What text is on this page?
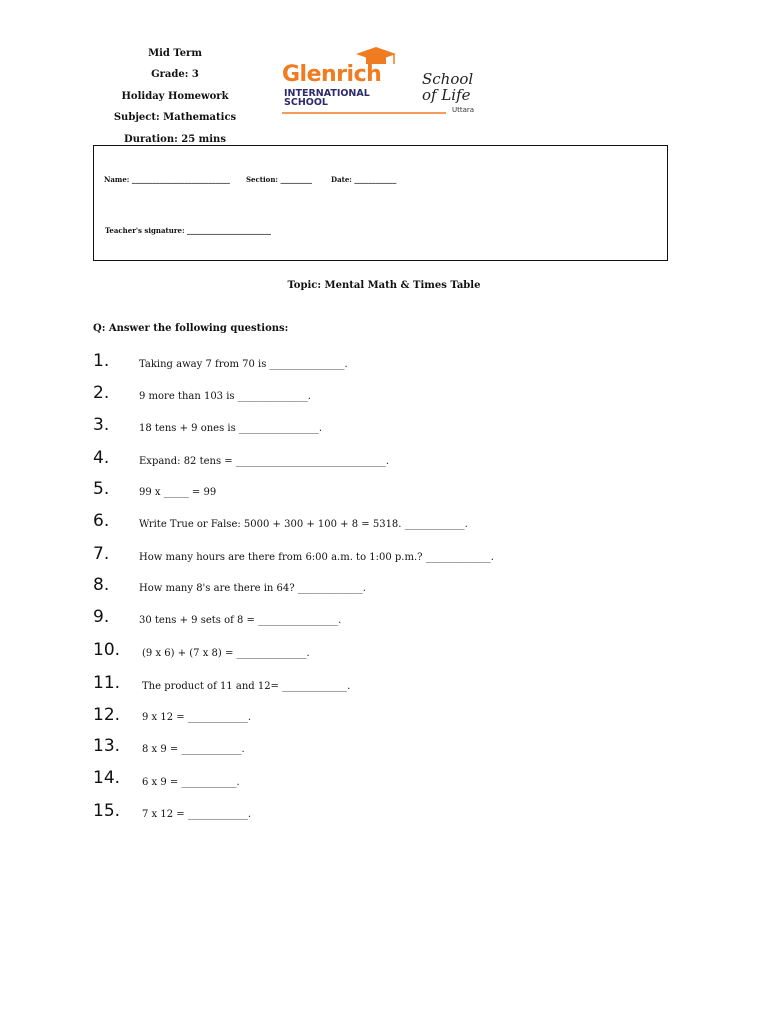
Mid Term
Grade: 3
Holiday Homework
Subject: Mathematics
Duration: 25 mins
Glenrich
INTERNATIONAL
SCHOOL
School
of Life
Uttara
Name: ____________________________ Section: _________	Date: ____________
Teacher's signature: ________________________
Topic: Mental Math & Times Table
Q: Answer the following questions:
1.	Taking away 7 from 70 is _______________.
2.	9 more than 103 is ______________.
3.	18 tens + 9 ones is ________________.
4.	Expand: 82 tens = ______________________________.
5.	99 x _____ = 99
6.	Write True or False: 5000 + 300 + 100 + 8 = 5318. ____________.
7.	How many hours are there from 6:00 a.m. to 1:00 p.m.? _____________.
8.	How many 8's are there in 64? _____________.
9.	30 tens + 9 sets of 8 = ________________.
10. (9 x 6) + (7 x 8) = ______________.
11. The product of 11 and 12= _____________.
12. 9 x 12 = ____________.
13. 8 x 9 = ____________.
14. 6 x 9 = ___________.
15. 7 x 12 = ____________.
